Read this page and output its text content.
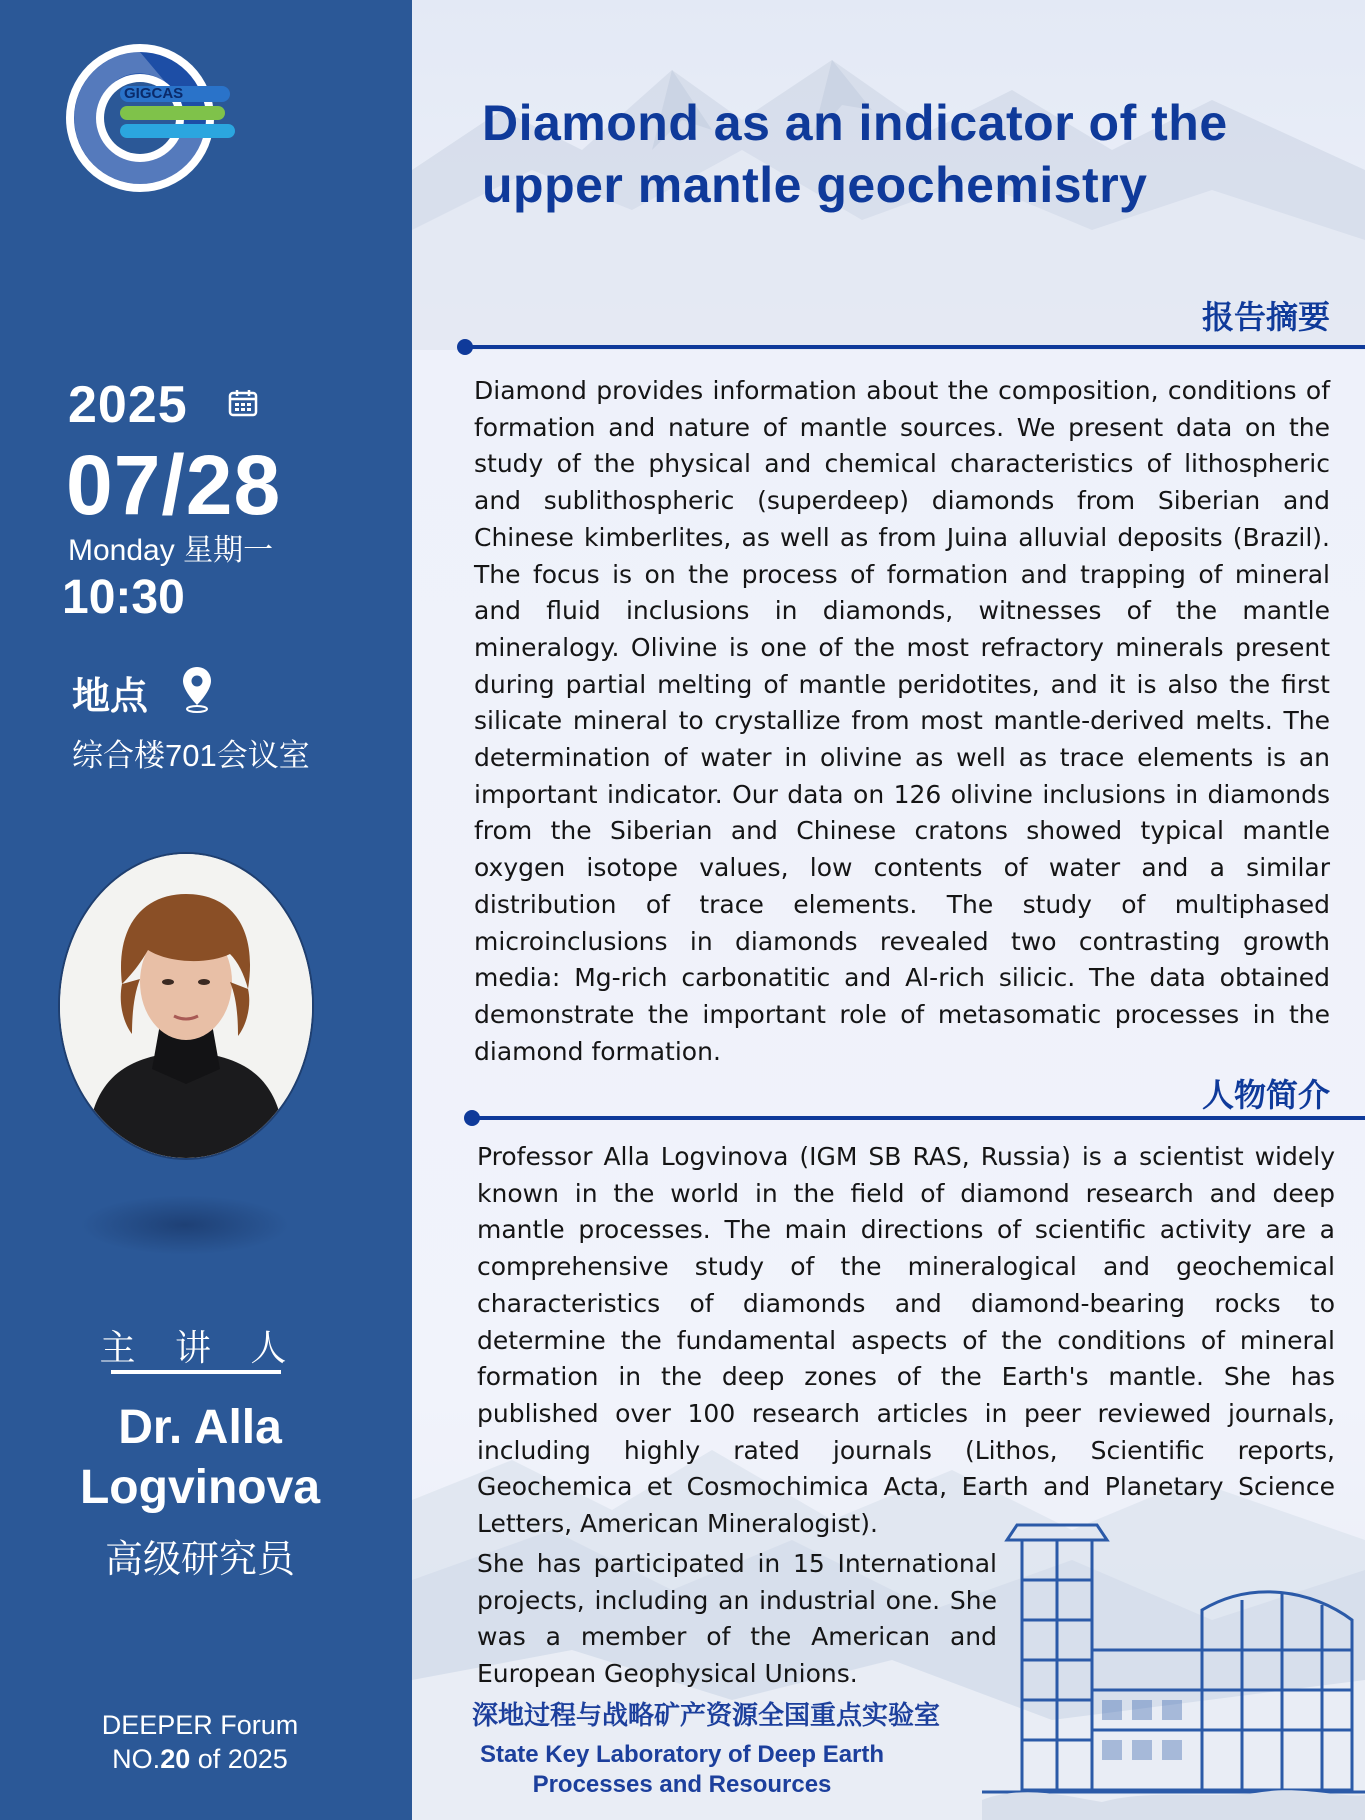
GIGCAS
2025
07/28
Monday 星期一
10:30
地点
综合楼701会议室
主 讲 人
Dr. Alla
Logvinova
高级研究员
DEEPER Forum
NO.20 of 2025
Diamond as an indicator of the
upper mantle geochemistry
报告摘要
Diamond provides information about the composition, conditions of formation and nature of mantle sources. We present data on the study of the physical and chemical characteristics of lithospheric and sublithospheric (superdeep) diamonds from Siberian and Chinese kimberlites, as well as from Juina alluvial deposits (Brazil). The focus is on the process of formation and trapping of mineral and fluid inclusions in diamonds, witnesses of the mantle mineralogy. Olivine is one of the most refractory minerals present during partial melting of mantle peridotites, and it is also the first silicate mineral to crystallize from most mantle-derived melts. The determination of water in olivine as well as trace elements is an important indicator. Our data on 126 olivine inclusions in diamonds from the Siberian and Chinese cratons showed typical mantle oxygen isotope values, low contents of water and a similar distribution of trace elements. The study of multiphased microinclusions in diamonds revealed two contrasting growth media: Mg-rich carbonatitic and Al-rich silicic. The data obtained demonstrate the important role of metasomatic processes in the diamond formation.
人物简介

Professor Alla Logvinova (IGM SB RAS, Russia) is a scientist widely known in the world in the field of diamond research and deep mantle processes. The main directions of scientific activity are a comprehensive study of the mineralogical and geochemical characteristics of diamonds and diamond-bearing rocks to determine the fundamental aspects of the conditions of mineral formation in the deep zones of the Earth's mantle. She has published over 100 research articles in peer reviewed journals, including highly rated journals (Lithos, Scientific reports, Geochemica et Cosmochimica Acta, Earth and Planetary Science Letters, American Mineralogist).

She has participated in 15 International projects, including an industrial one. She was a member of the American and European Geophysical Unions.

深地过程与战略矿产资源全国重点实验室
State Key Laboratory of Deep Earth
Processes and Resources
